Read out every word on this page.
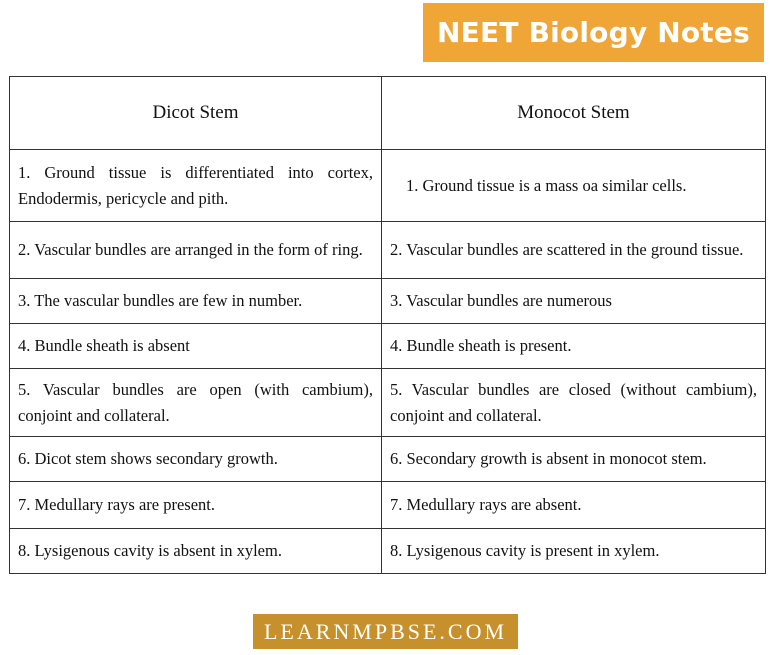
NEET Biology Notes
Dicot Stem	Monocot Stem
1. Ground tissue is differentiated into cortex, Endodermis, pericycle and pith.	1. Ground tissue is a mass oa similar cells.
2. Vascular bundles are arranged in the form of ring.	2. Vascular bundles are scattered in the ground tissue.
3. The vascular bundles are few in number.	3. Vascular bundles are numerous
4. Bundle sheath is absent	4. Bundle sheath is present.
5. Vascular bundles are open (with cambium), conjoint and collateral.	5. Vascular bundles are closed (without cambium), conjoint and collateral.
6. Dicot stem shows secondary growth.	6. Secondary growth is absent in monocot stem.
7. Medullary rays are present.	7. Medullary rays are absent.
8. Lysigenous cavity is absent in xylem.	8. Lysigenous cavity is present in xylem.
LEARNMPBSE.COM
